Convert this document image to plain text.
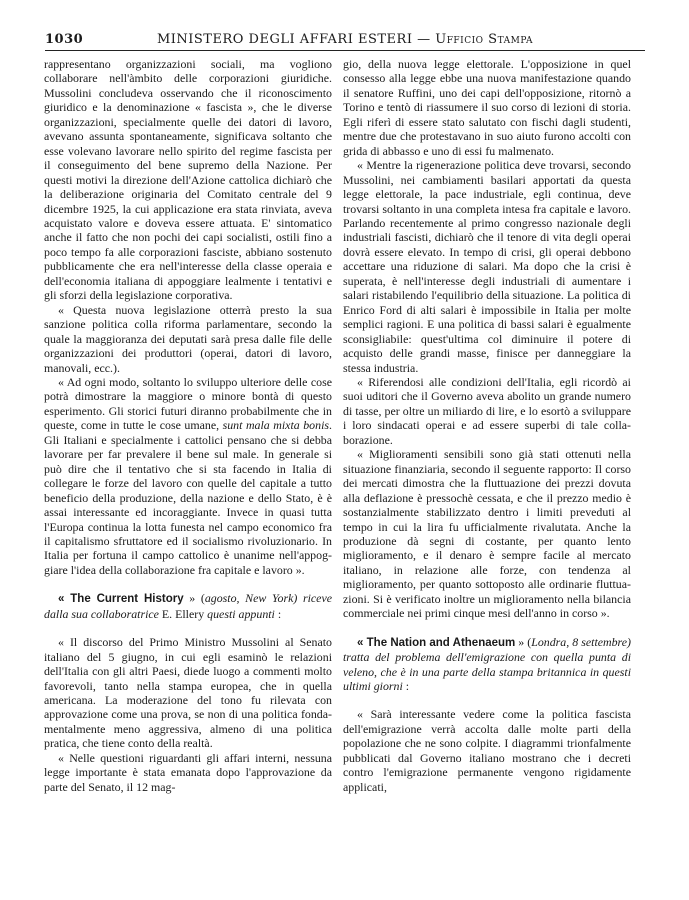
1030	MINISTERO DEGLI AFFARI ESTERI — Ufficio Stampa

rappresentano organizzazioni sociali, ma vogliono collaborare nell'àmbito delle corporazioni giuridiche. Mussolini concludeva osservando che il riconoscimento giuridico e la denominazione « fascista », che le diverse organizzazioni, specialmente quelle dei datori di lavoro, avevano assunta spontaneamente, significava soltanto che esse volevano lavorare nello spirito del regime fascista per il conseguimento del bene supremo della Nazione. Per questi motivi la direzione dell'Azione cattolica dichiarò che la deliberazione originaria del Comitato centrale del 9 dicembre 1925, la cui applicazione era stata rinviata, aveva acquistato valore e doveva essere attuata. E' sintomatico anche il fatto che non pochi dei capi socialisti, ostili fino a poco tempo fa alle corporazioni fasciste, abbiano sostenuto pubblicamente che era nell'interesse della classe operaia e dell'economia italiana di appoggiare lealmente i tentativi e gli sforzi della legislazione corporativa.

« Questa nuova legislazione otterrà presto la sua sanzione politica colla riforma parlamentare, secondo la quale la maggioranza dei deputati sarà presa dalle file delle organizzazioni dei produttori (operai, datori di lavoro, manovali, ecc.).

« Ad ogni modo, soltanto lo sviluppo ulteriore delle cose potrà dimostrare la maggiore o minore bontà di questo esperimento. Gli storici futuri diranno probabilmente che in queste, come in tutte le cose umane, sunt mala mixta bonis. Gli Italiani e specialmente i cattolici pensano che si debba lavorare per far prevalere il bene sul male. In generale si può dire che il tentativo che si sta facendo in Italia di collegare le forze del lavoro con quelle del capitale a tutto beneficio della produzione, della nazione e dello Stato, è è assai interessante ed incoraggiante. Invece in quasi tutta l'Europa continua la lotta funesta nel campo economico fra il capitalismo sfruttatore ed il socialismo rivoluzionario. In Italia per fortuna il campo cattolico è unanime nell'appoggiare l'idea della collaborazione fra capitale e lavoro ».

« The Current History » (agosto, New York) riceve dalla sua collaboratrice E. Ellery questi appunti :

« Il discorso del Primo Ministro Mussolini al Senato italiano del 5 giugno, in cui egli esaminò le relazioni dell'Italia con gli altri Paesi, diede luogo a commenti molto favorevoli, tanto nella stampa europea, che in quella americana. La moderazione del tono fu rilevata con approvazione come una prova, se non di una politica fondamentalmente meno aggressiva, almeno di una politica pratica, che tiene conto della realtà.

« Nelle questioni riguardanti gli affari interni, nessuna legge importante è stata emanata dopo l'approvazione da parte del Senato, il 12 mag-

gio, della nuova legge elettorale. L'opposizione in quel consesso alla legge ebbe una nuova manifestazione quando il senatore Ruffini, uno dei capi dell'opposizione, ritornò a Torino e tentò di riassumere il suo corso di lezioni di storia. Egli riferì di essere stato salutato con fischi dagli studenti, mentre due che protestavano in suo aiuto furono accolti con grida di abbasso e uno di essi fu malmenato.

« Mentre la rigenerazione politica deve trovarsi, secondo Mussolini, nei cambiamenti basilari apportati da questa legge elettorale, la pace industriale, egli continua, deve trovarsi soltanto in una completa intesa fra capitale e lavoro. Parlando recentemente al primo congresso nazionale degli industriali fascisti, dichiarò che il tenore di vita degli operai dovrà essere elevato. In tempo di crisi, gli operai debbono accettare una riduzione di salari. Ma dopo che la crisi è superata, è nell'interesse degli industriali di aumentare i salari ristabilendo l'equilibrio della situazione. La politica di Enrico Ford di alti salari è impossibile in Italia per molte semplici ragioni. E una politica di bassi salari è egualmente sconsigliabile: quest'ultima col diminuire il potere di acquisto delle grandi masse, finisce per danneggiare la stessa industria.

« Riferendosi alle condizioni dell'Italia, egli ricordò ai suoi uditori che il Governo aveva abolito un grande numero di tasse, per oltre un miliardo di lire, e lo esortò a sviluppare i loro sindacati operai e ad essere superbi di tale collaborazione.

« Miglioramenti sensibili sono già stati ottenuti nella situazione finanziaria, secondo il seguente rapporto: Il corso dei mercati dimostra che la fluttuazione dei prezzi dovuta alla deflazione è pressochè cessata, e che il prezzo medio è sostanzialmente stabilizzato dentro i limiti preveduti al tempo in cui la lira fu ufficialmente rivalutata. Anche la produzione dà segni di costante, per quanto lento miglioramento, e il denaro è sempre facile al mercato italiano, in relazione alle forze, con tendenza al miglioramento, per quanto sottoposto alle ordinarie fluttuazioni. Si è verificato inoltre un miglioramento nella bilancia commerciale nei primi cinque mesi dell'anno in corso ».

« The Nation and Athenaeum » (Londra, 8 settembre) tratta del problema dell'emigrazione con quella punta di veleno, che è in una parte della stampa britannica in questi ultimi giorni :

« Sarà interessante vedere come la politica fascista dell'emigrazione verrà accolta dalle molte parti della popolazione che ne sono colpite. I diagrammi trionfalmente pubblicati dal Governo italiano mostrano che i decreti contro l'emigrazione permanente vengono rigidamente applicati,
